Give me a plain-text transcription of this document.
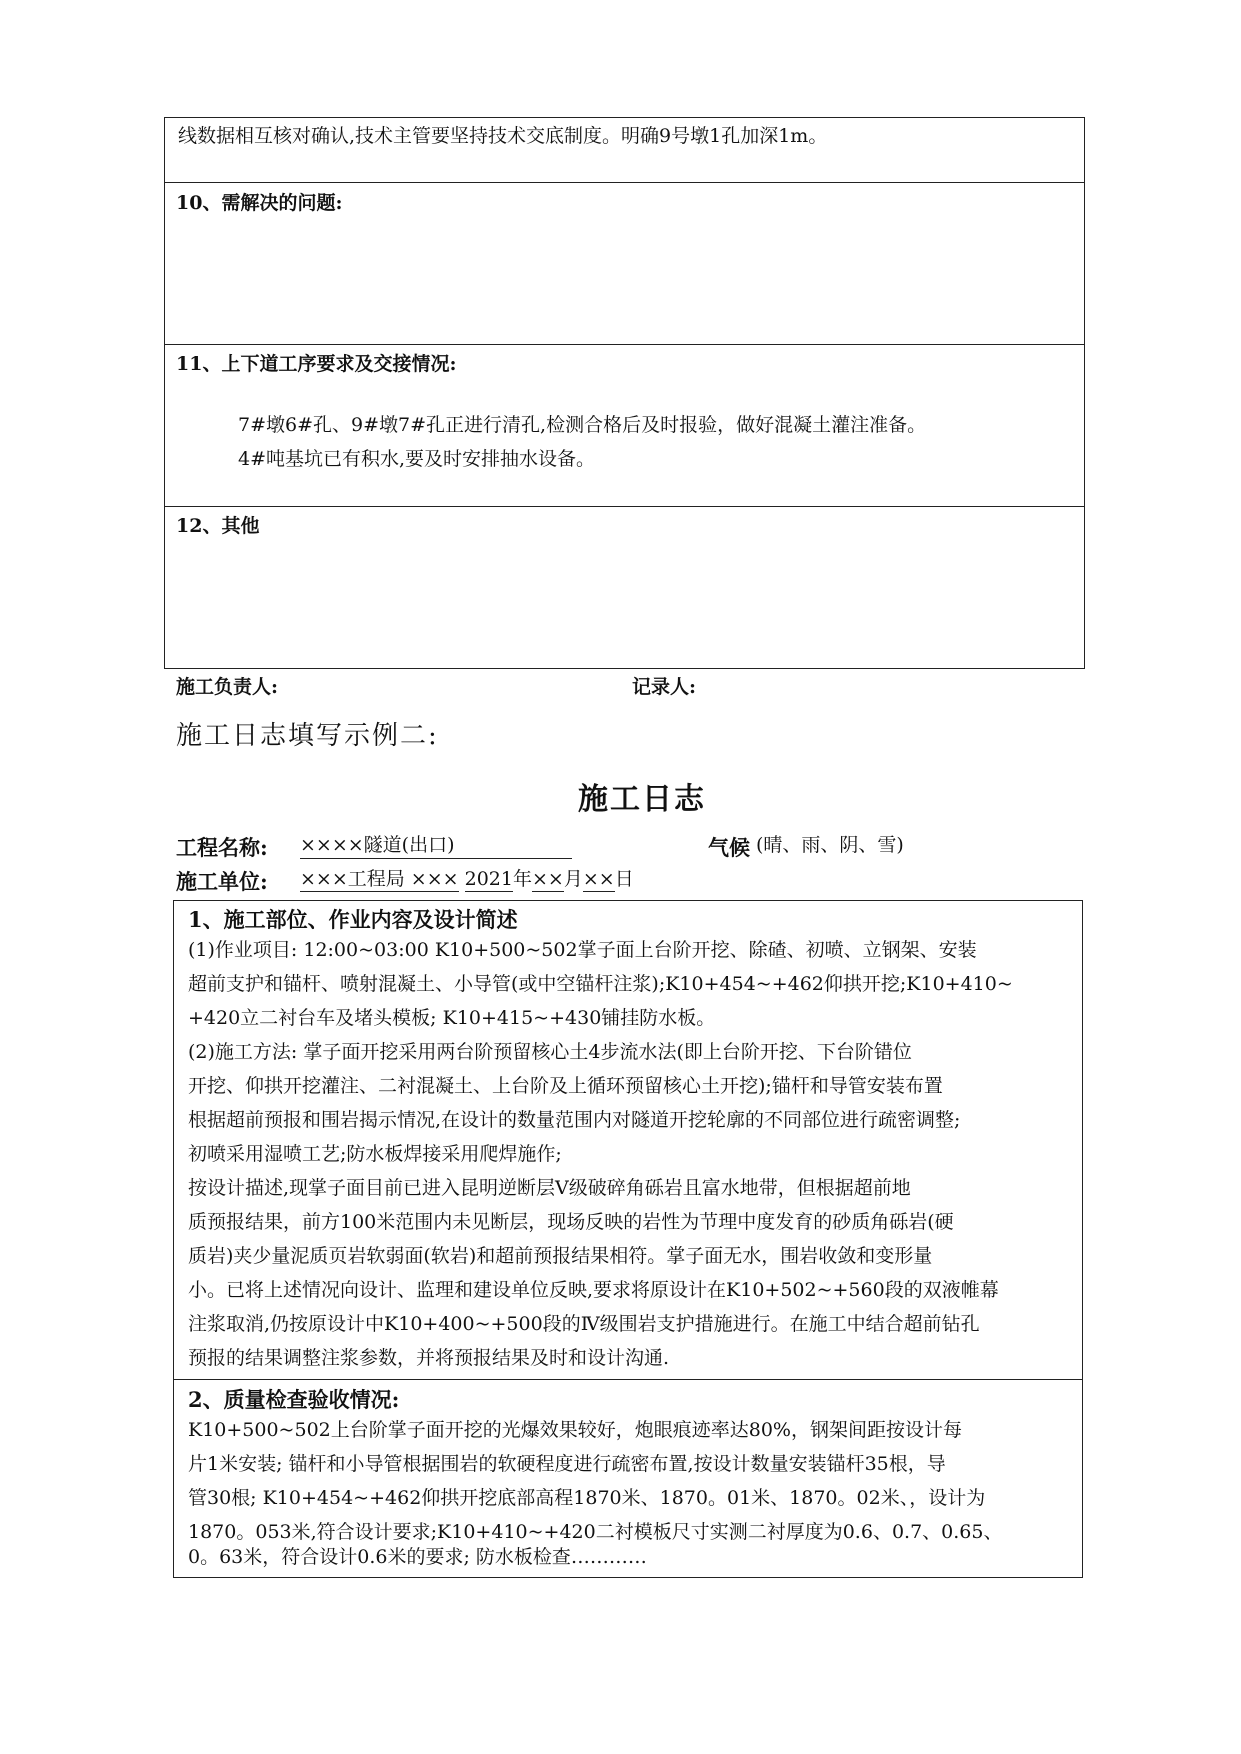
线数据相互核对确认,技术主管要坚持技术交底制度。明确9号墩1孔加深1m。
10、需解决的问题:
11、上下道工序要求及交接情况:
7#墩6#孔、9#墩7#孔正进行清孔,检测合格后及时报验，做好混凝土灌注准备。
4#吨基坑已有积水,要及时安排抽水设备。
12、其他
施工负责人:	记录人:
施工日志填写示例二:
施工日志
工程名称: ××××隧道(出口)	气候 (晴、雨、阴、雪)
施工单位: ×××工程局 ××× 2021年××月××日
1、施工部位、作业内容及设计简述
(1)作业项目: 12:00~03:00 K10+500~502掌子面上台阶开挖、除碴、初喷、立钢架、安装
超前支护和锚杆、喷射混凝土、小导管(或中空锚杆注浆);K10+454~+462仰拱开挖;K10+410~
+420立二衬台车及堵头模板; K10+415~+430铺挂防水板。
(2)施工方法: 掌子面开挖采用两台阶预留核心土4步流水法(即上台阶开挖、下台阶错位
开挖、仰拱开挖灌注、二衬混凝土、上台阶及上循环预留核心土开挖);锚杆和导管安装布置
根据超前预报和围岩揭示情况,在设计的数量范围内对隧道开挖轮廓的不同部位进行疏密调整;
初喷采用湿喷工艺;防水板焊接采用爬焊施作;
按设计描述,现掌子面目前已进入昆明逆断层Ⅴ级破碎角砾岩且富水地带，但根据超前地
质预报结果，前方100米范围内未见断层，现场反映的岩性为节理中度发育的砂质角砾岩(硬
质岩)夹少量泥质页岩软弱面(软岩)和超前预报结果相符。掌子面无水，围岩收敛和变形量
小。已将上述情况向设计、监理和建设单位反映,要求将原设计在K10+502~+560段的双液帷幕
注浆取消,仍按原设计中K10+400~+500段的Ⅳ级围岩支护措施进行。在施工中结合超前钻孔
预报的结果调整注浆参数，并将预报结果及时和设计沟通.
2、质量检查验收情况:
K10+500~502上台阶掌子面开挖的光爆效果较好，炮眼痕迹率达80%，钢架间距按设计每
片1米安装; 锚杆和小导管根据围岩的软硬程度进行疏密布置,按设计数量安装锚杆35根，导
管30根; K10+454~+462仰拱开挖底部高程1870米、1870。01米、1870。02米、，设计为
1870。053米,符合设计要求;K10+410~+420二衬模板尺寸实测二衬厚度为0.6、0.7、0.65、
0。63米，符合设计0.6米的要求; 防水板检查…………
